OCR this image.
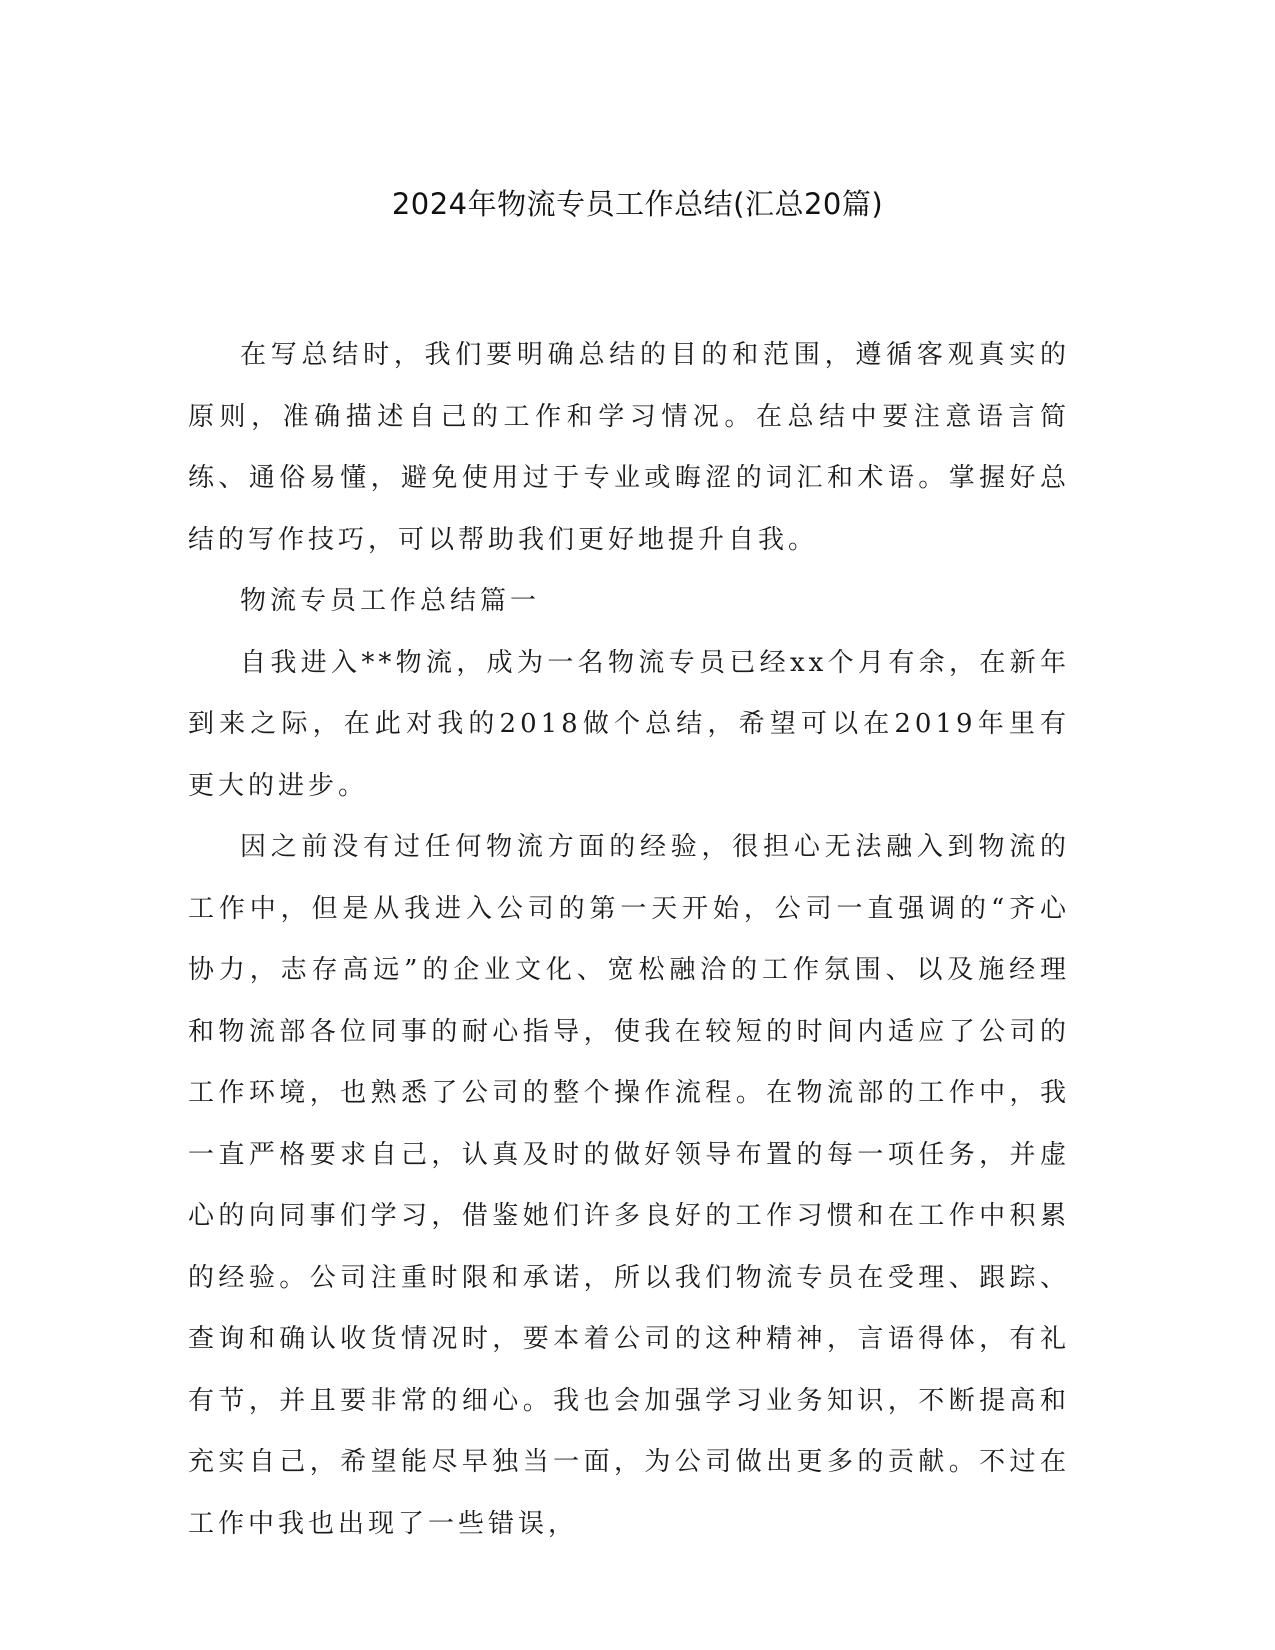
2024年物流专员工作总结(汇总20篇)

在写总结时，我们要明确总结的目的和范围，遵循客观真实的原则，准确描述自己的工作和学习情况。在总结中要注意语言简练、通俗易懂，避免使用过于专业或晦涩的词汇和术语。掌握好总结的写作技巧，可以帮助我们更好地提升自我。

物流专员工作总结篇一

自我进入**物流，成为一名物流专员已经xx个月有余，在新年到来之际，在此对我的2018做个总结，希望可以在2019年里有更大的进步。

因之前没有过任何物流方面的经验，很担心无法融入到物流的工作中，但是从我进入公司的第一天开始，公司一直强调的“齐心协力，志存高远”的企业文化、宽松融洽的工作氛围、以及施经理和物流部各位同事的耐心指导，使我在较短的时间内适应了公司的工作环境，也熟悉了公司的整个操作流程。在物流部的工作中，我一直严格要求自己，认真及时的做好领导布置的每一项任务，并虚心的向同事们学习，借鉴她们许多良好的工作习惯和在工作中积累的经验。公司注重时限和承诺，所以我们物流专员在受理、跟踪、查询和确认收货情况时，要本着公司的这种精神，言语得体，有礼有节，并且要非常的细心。我也会加强学习业务知识，不断提高和充实自己，希望能尽早独当一面，为公司做出更多的贡献。不过在工作中我也出现了一些错误，
